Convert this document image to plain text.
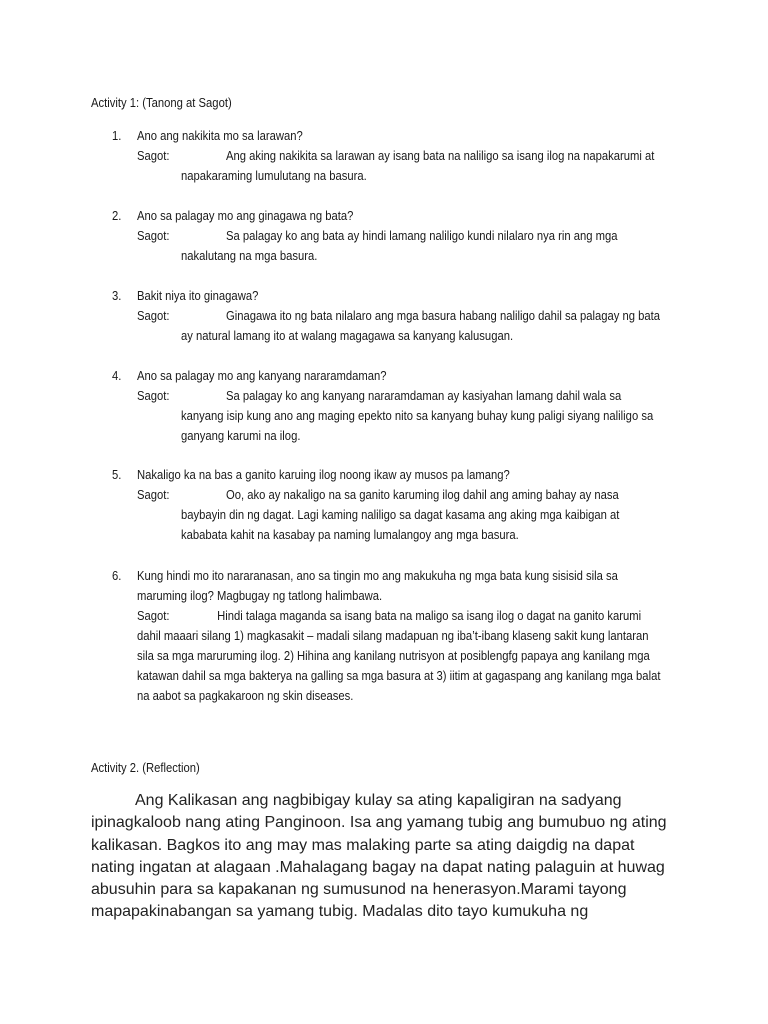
Activity 1: (Tanong at Sagot)
1. Ano ang nakikita mo sa larawan?
Sagot:	Ang aking nakikita sa larawan ay isang bata na naliligo sa isang ilog na napakarumi at napakaraming lumulutang na basura.
2. Ano sa palagay mo ang ginagawa ng bata?
Sagot:	Sa palagay ko ang bata ay hindi lamang naliligo kundi nilalaro nya rin ang mga nakalutang na mga basura.
3. Bakit niya ito ginagawa?
Sagot:	Ginagawa ito ng bata nilalaro ang mga basura habang naliligo dahil sa palagay ng bata ay natural lamang ito at walang magagawa sa kanyang kalusugan.
4. Ano sa palagay mo ang kanyang nararamdaman?
Sagot:	Sa palagay ko ang kanyang nararamdaman ay kasiyahan lamang dahil wala sa kanyang isip kung ano ang maging epekto nito sa kanyang buhay kung paligi siyang naliligo sa ganyang karumi na ilog.
5. Nakaligo ka na bas a ganito karuing ilog noong ikaw ay musos pa lamang?
Sagot:	Oo, ako ay nakaligo na sa ganito karuming ilog dahil ang aming bahay ay nasa baybayin din ng dagat. Lagi kaming naliligo sa dagat kasama ang aking mga kaibigan at kababata kahit na kasabay pa naming lumalangoy ang mga basura.
6. Kung hindi mo ito nararanasan, ano sa tingin mo ang makukuha ng mga bata kung sisisid sila sa maruming ilog? Magbugay ng tatlong halimbawa.
Sagot:	Hindi talaga maganda sa isang bata na maligo sa isang ilog o dagat na ganito karumi dahil maaari silang 1) magkasakit – madali silang madapuan ng iba’t-ibang klaseng sakit kung lantaran sila sa mga maruruming ilog. 2) Hihina ang kanilang nutrisyon at posiblengfg papaya ang kanilang mga katawan dahil sa mga bakterya na galling sa mga basura at 3) iitim at gagaspang ang kanilang mga balat na aabot sa pagkakaroon ng skin diseases.
Activity 2. (Reflection)
Ang Kalikasan ang nagbibigay kulay sa ating kapaligiran na sadyang ipinagkaloob nang ating Panginoon. Isa ang yamang tubig ang bumubuo ng ating kalikasan. Bagkos ito ang may mas malaking parte sa ating daigdig na dapat nating ingatan at alagaan .Mahalagang bagay na dapat nating palaguin at huwag abusuhin para sa kapakanan ng sumusunod na henerasyon.Marami tayong mapapakinabangan sa yamang tubig. Madalas dito tayo kumukuha ng
